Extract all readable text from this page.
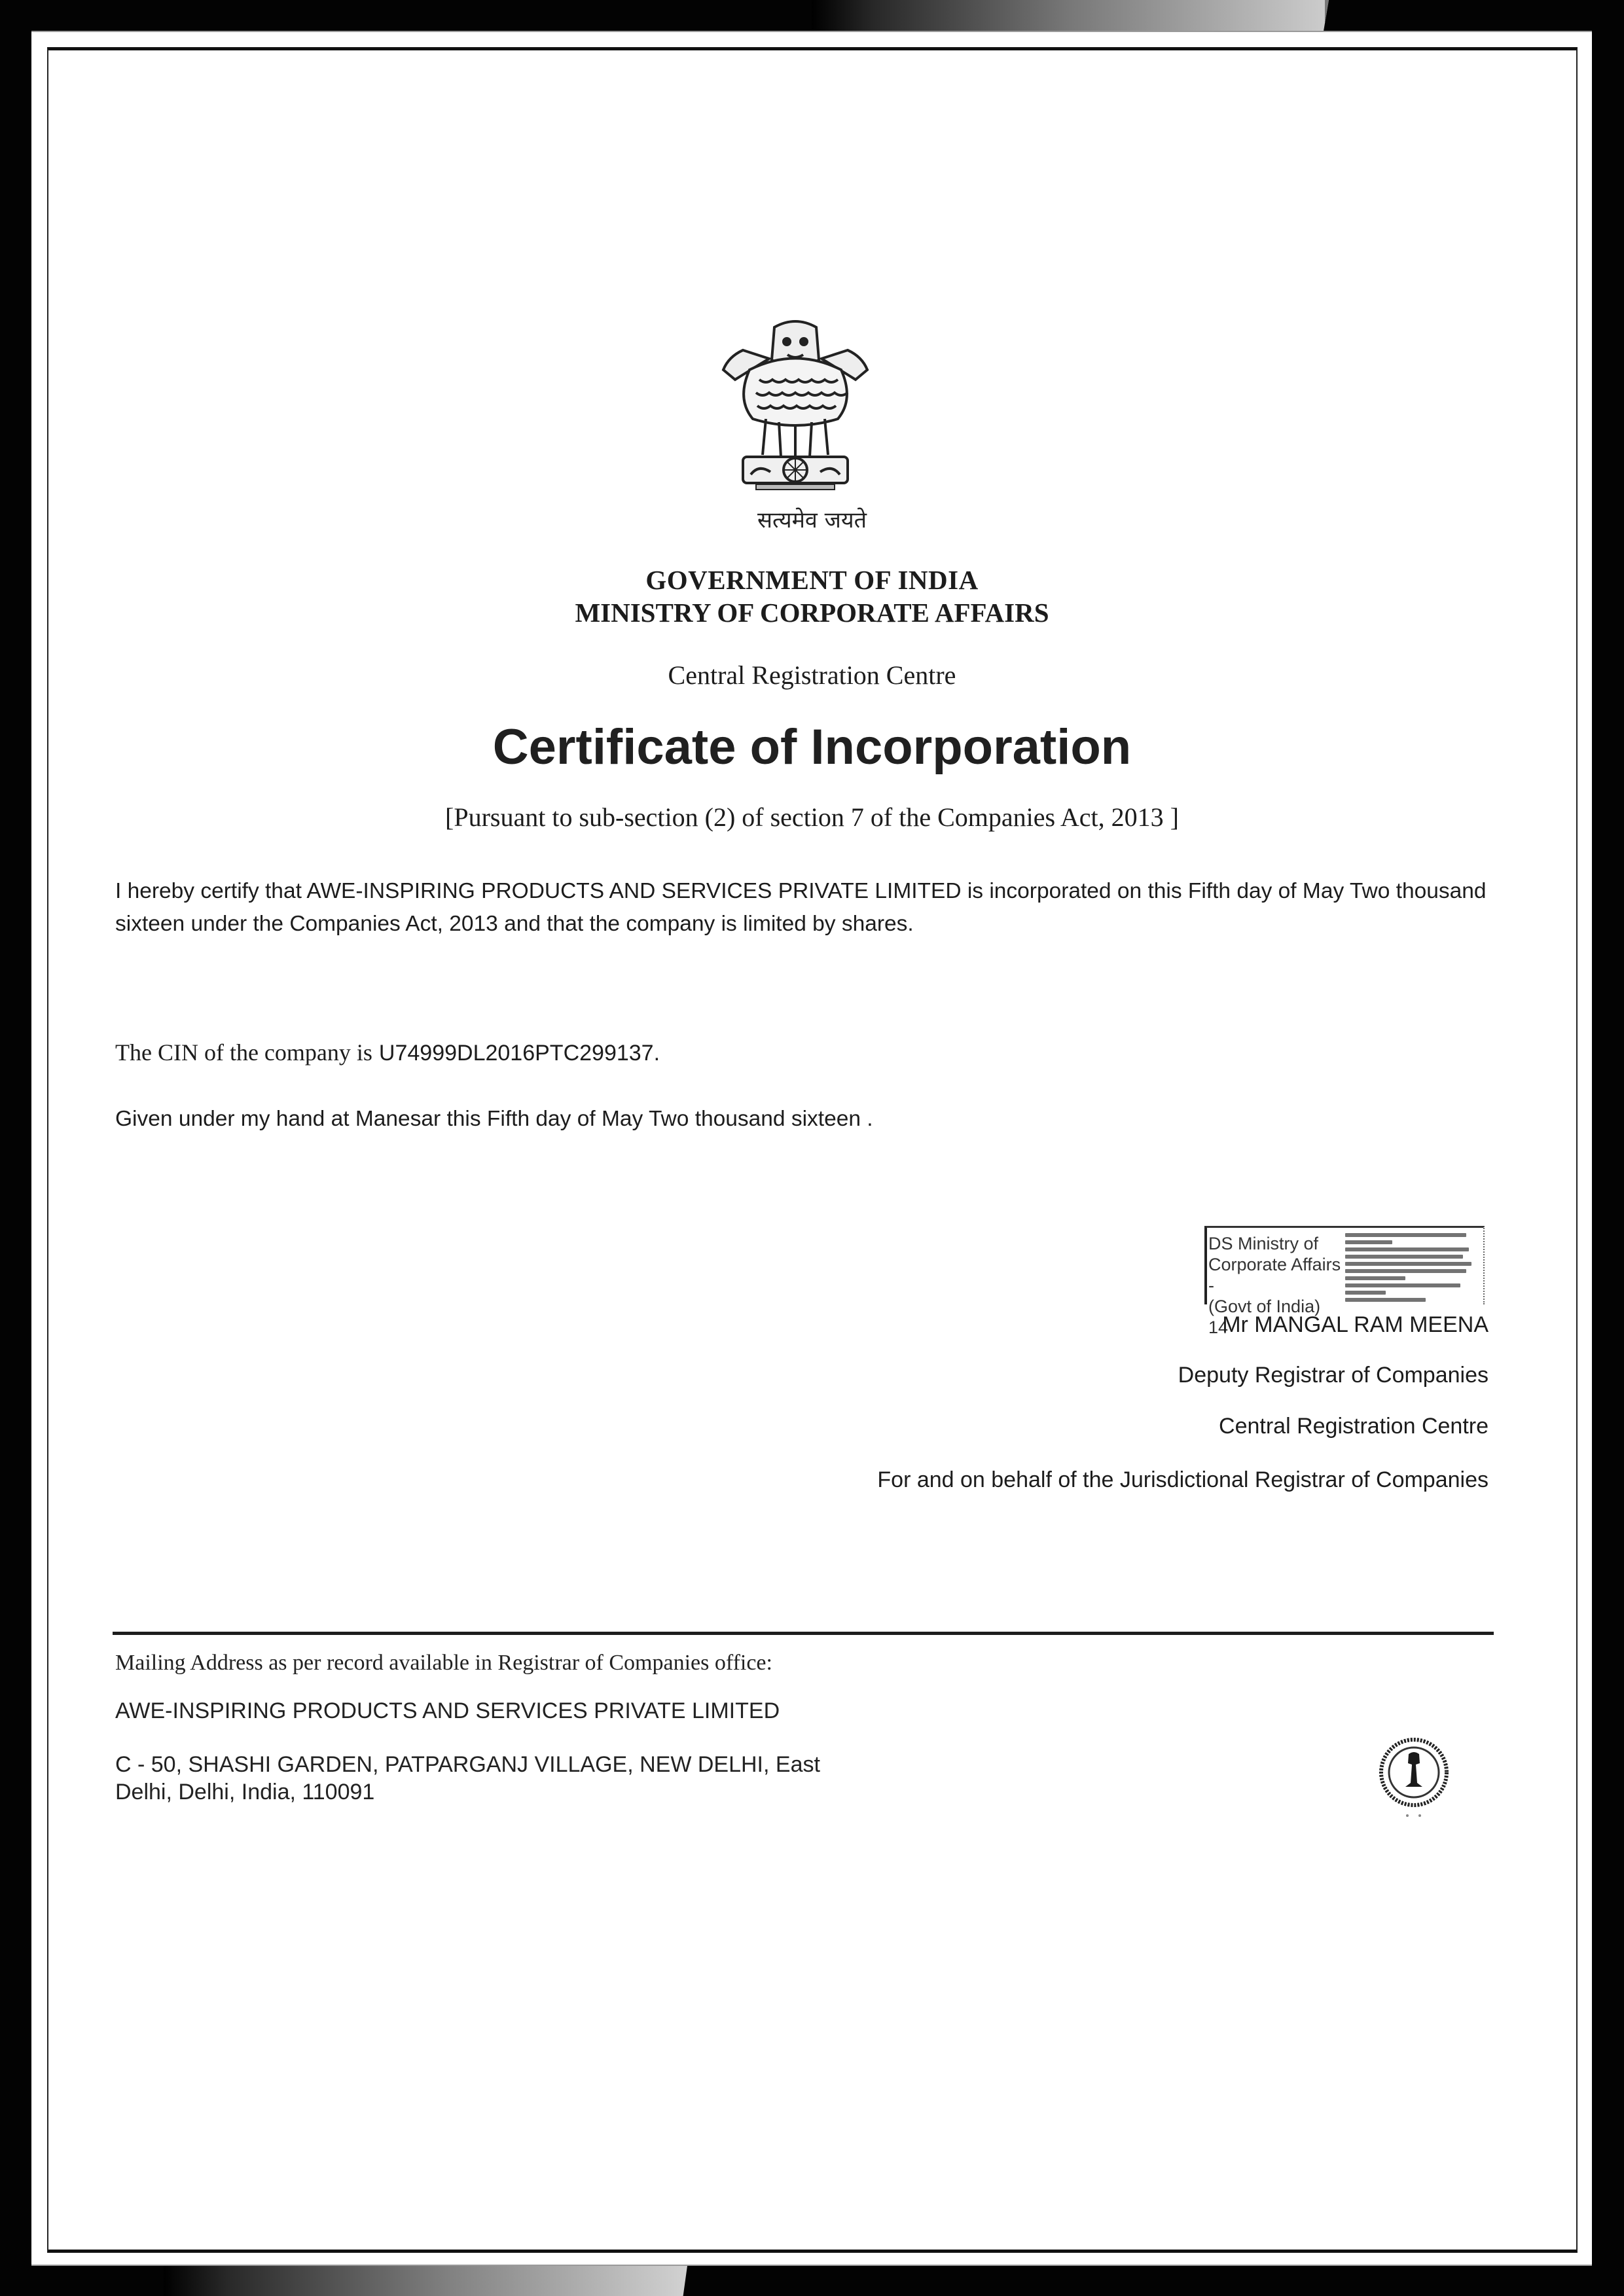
सत्यमेव जयते
GOVERNMENT OF INDIA
MINISTRY OF CORPORATE AFFAIRS
Central Registration Centre
Certificate of Incorporation
[Pursuant to sub-section (2) of section 7 of the Companies Act, 2013 ]
I hereby certify that AWE-INSPIRING PRODUCTS AND SERVICES PRIVATE LIMITED is incorporated on this Fifth day of May Two thousand sixteen under the Companies Act, 2013 and that the company is limited by shares.
The CIN of the company is U74999DL2016PTC299137.
Given under my hand at Manesar this Fifth day of May Two thousand sixteen .
DS Ministry of
Corporate Affairs -
(Govt of India) 14
Mr MANGAL RAM MEENA
Deputy Registrar of Companies
Central Registration Centre
For and on behalf of the Jurisdictional Registrar of Companies
Mailing Address as per record available in Registrar of Companies office:
AWE-INSPIRING PRODUCTS AND SERVICES PRIVATE LIMITED
C - 50, SHASHI GARDEN, PATPARGANJ VILLAGE, NEW DELHI, East
Delhi, Delhi, India, 110091
